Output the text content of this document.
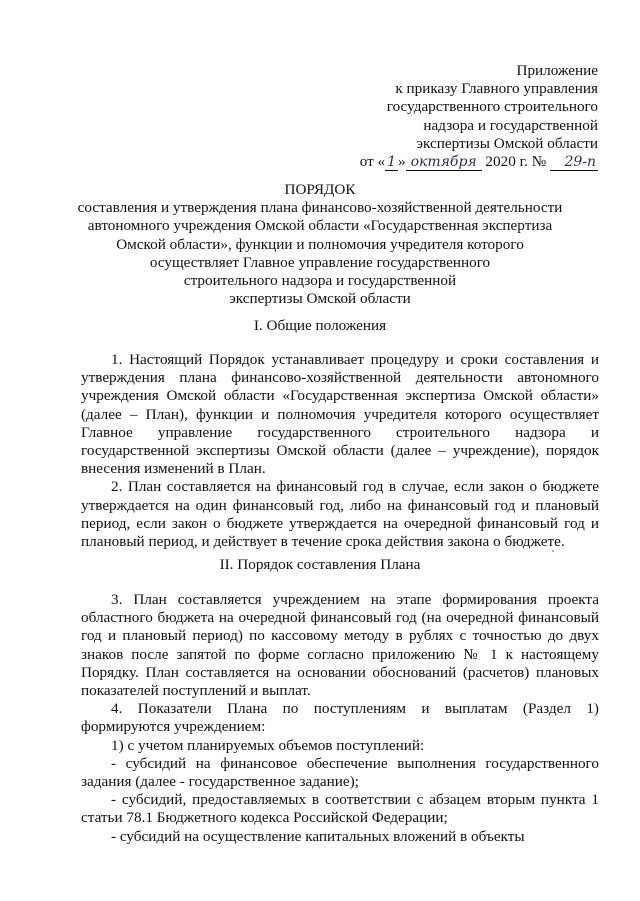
Приложение
к приказу Главного управления
государственного строительного
надзора и государственной
экспертизы Омской области
от « 1 » октября 2020 г. № 29-п
ПОРЯДОК
составления и утверждения плана финансово-хозяйственной деятельности
автономного учреждения Омской области «Государственная экспертиза
Омской области», функции и полномочия учредителя которого
осуществляет Главное управление государственного
строительного надзора и государственной
экспертизы Омской области
I. Общие положения

1. Настоящий Порядок устанавливает процедуру и сроки составления и утверждения плана финансово-хозяйственной деятельности автономного учреждения Омской области «Государственная экспертиза Омской области» (далее – План), функции и полномочия учредителя которого осуществляет Главное управление государственного строительного надзора и государственной экспертизы Омской области (далее – учреждение), порядок внесения изменений в План.

2. План составляется на финансовый год в случае, если закон о бюджете утверждается на один финансовый год, либо на финансовый год и плановый период, если закон о бюджете утверждается на очередной финансовый год и плановый период, и действует в течение срока действия закона о бюджете.

II. Порядок составления Плана

3. План составляется учреждением на этапе формирования проекта областного бюджета на очередной финансовый год (на очередной финансовый год и плановый период) по кассовому методу в рублях с точностью до двух знаков после запятой по форме согласно приложению № 1 к настоящему Порядку. План составляется на основании обоснований (расчетов) плановых показателей поступлений и выплат.

4. Показатели Плана по поступлениям и выплатам (Раздел 1) формируются учреждением:

1) с учетом планируемых объемов поступлений:

- субсидий на финансовое обеспечение выполнения государственного задания (далее - государственное задание);

- субсидий, предоставляемых в соответствии с абзацем вторым пункта 1 статьи 78.1 Бюджетного кодекса Российской Федерации;

- субсидий на осуществление капитальных вложений в объекты
